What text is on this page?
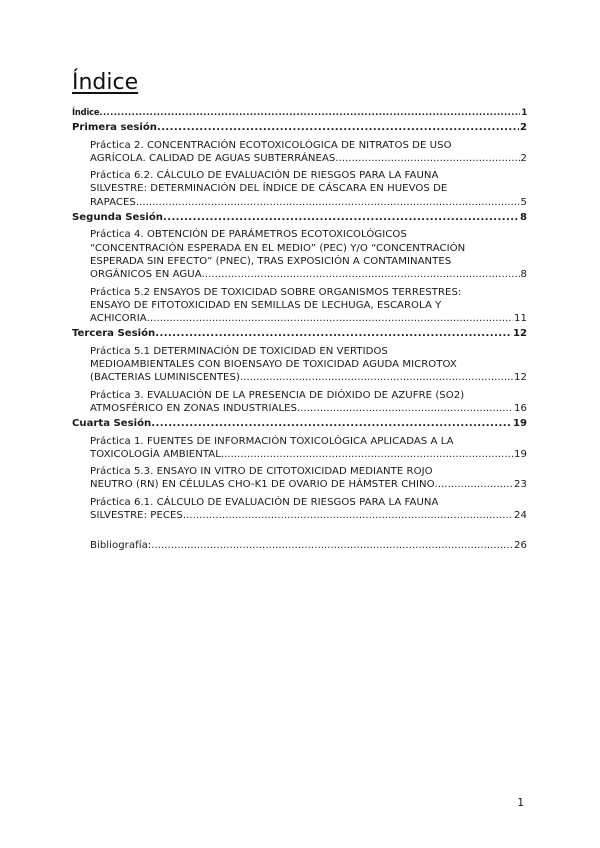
Índice
Índice .....	1
Primera sesión .....	2
Práctica 2. CONCENTRACIÓN ECOTOXICOLÓGICA DE NITRATOS DE USO
AGRÍCOLA. CALIDAD DE AGUAS SUBTERRÁNEAS .....	2
Práctica 6.2. CÁLCULO DE EVALUACIÓN DE RIESGOS PARA LA FAUNA
SILVESTRE: DETERMINACIÓN DEL ÍNDICE DE CÁSCARA EN HUEVOS DE
RAPACES .....	5
Segunda Sesión .....	8
Práctica 4. OBTENCIÓN DE PARÁMETROS ECOTOXICOLÓGICOS
“CONCENTRACIÓN ESPERADA EN EL MEDIO” (PEC) Y/O “CONCENTRACIÓN
ESPERADA SIN EFECTO” (PNEC), TRAS EXPOSICIÓN A CONTAMINANTES
ORGÁNICOS EN AGUA .....	8
Práctica 5.2 ENSAYOS DE TOXICIDAD SOBRE ORGANISMOS TERRESTRES:
ENSAYO DE FITOTOXICIDAD EN SEMILLAS DE LECHUGA, ESCAROLA Y
ACHICORIA .....	11
Tercera Sesión .....	12
Práctica 5.1 DETERMINACIÓN DE TOXICIDAD EN VERTIDOS
MEDIOAMBIENTALES CON BIOENSAYO DE TOXICIDAD AGUDA MICROTOX
(BACTERIAS LUMINISCENTES) .....	12
Práctica 3. EVALUACIÓN DE LA PRESENCIA DE DIÓXIDO DE AZUFRE (SO2)
ATMOSFÉRICO EN ZONAS INDUSTRIALES .....	16
Cuarta Sesión .....	19
Práctica 1. FUENTES DE INFORMACIÓN TOXICOLÓGICA APLICADAS A LA
TOXICOLOGÍA AMBIENTAL .....	19
Práctica 5.3. ENSAYO IN VITRO DE CITOTOXICIDAD MEDIANTE ROJO
NEUTRO (RN) EN CÉLULAS CHO-K1 DE OVARIO DE HÁMSTER CHINO .....	23
Práctica 6.1. CÁLCULO DE EVALUACIÓN DE RIESGOS PARA LA FAUNA
SILVESTRE: PECES .....	24
Bibliografía: .....	26
1
